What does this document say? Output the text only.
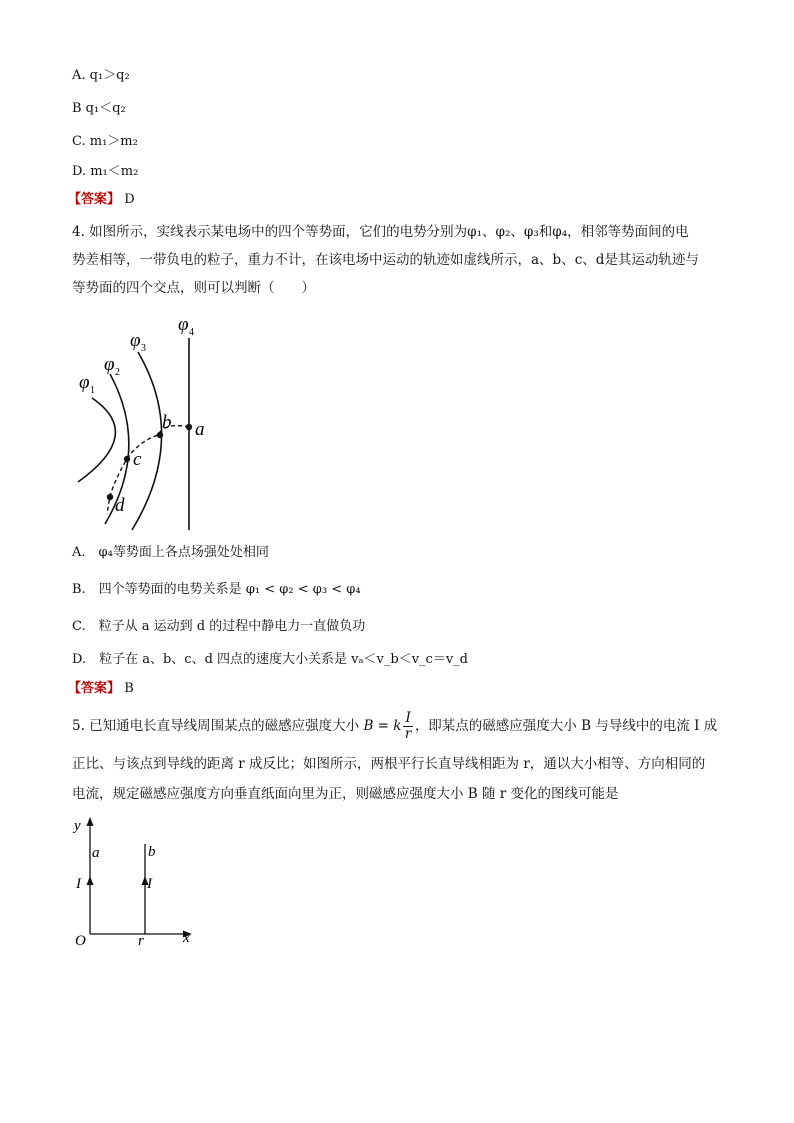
A. q₁＞q₂
B q₁＜q₂
C. m₁＞m₂
D. m₁＜m₂
【答案】 D
4. 如图所示，实线表示某电场中的四个等势面，它们的电势分别为φ₁、φ₂、φ₃和φ₄，相邻等势面间的电
势差相等，一带负电的粒子，重力不计，在该电场中运动的轨迹如虚线所示，a、b、c、d是其运动轨迹与
等势面的四个交点，则可以判断（　　）
φ 1
φ 2
φ 3
φ 4
a
b
c
d
A.　φ₄等势面上各点场强处处相同
B.　四个等势面的电势关系是 φ₁ < φ₂ < φ₃ < φ₄
C.　粒子从 a 运动到 d 的过程中静电力一直做负功
D.　粒子在 a、b、c、d 四点的速度大小关系是 vₐ＜v_b＜v_c＝v_d
【答案】 B
5. 已知通电长直导线周围某点的磁感应强度大小 B = k $\frac{I}{r}$ ，即某点的磁感应强度大小 B 与导线中的电流 I 成
正比、与该点到导线的距离 r 成反比；如图所示，两根平行长直导线相距为 r，通以大小相等、方向相同的
电流，规定磁感应强度方向垂直纸面向里为正，则磁感应强度大小 B 随 r 变化的图线可能是
y
x
O
a	b
I	I
r
